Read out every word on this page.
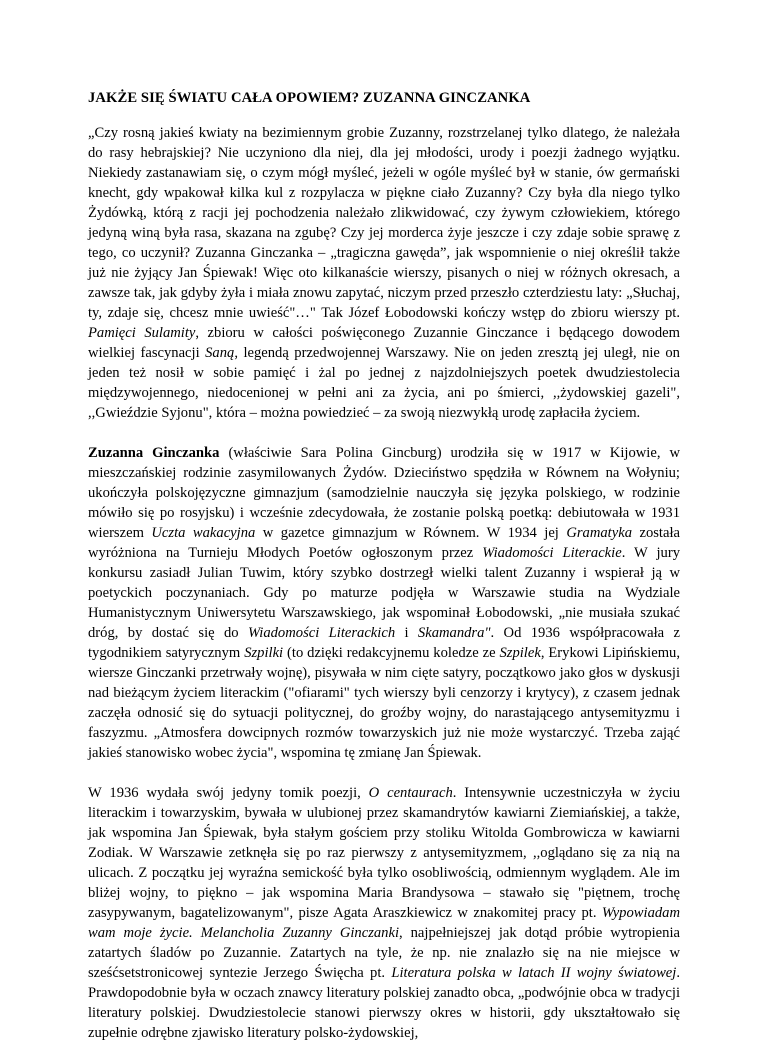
JAKŻE SIĘ ŚWIATU CAŁA OPOWIEM? ZUZANNA GINCZANKA

„Czy rosną jakieś kwiaty na bezimiennym grobie Zuzanny, rozstrzelanej tylko dlatego, że należała do rasy hebrajskiej? Nie uczyniono dla niej, dla jej młodości, urody i poezji żadnego wyjątku. Niekiedy zastanawiam się, o czym mógł myśleć, jeżeli w ogóle myśleć był w stanie, ów germański knecht, gdy wpakował kilka kul z rozpylacza w piękne ciało Zuzanny? Czy była dla niego tylko Żydówką, którą z racji jej pochodzenia należało zlikwidować, czy żywym człowiekiem, którego jedyną winą była rasa, skazana na zgubę? Czy jej morderca żyje jeszcze i czy zdaje sobie sprawę z tego, co uczynił? Zuzanna Ginczanka – „tragiczna gawęda”, jak wspomnienie o niej określił także już nie żyjący Jan Śpiewak! Więc oto kilkanaście wierszy, pisanych o niej w różnych okresach, a zawsze tak, jak gdyby żyła i miała znowu zapytać, niczym przed przeszło czterdziestu laty: „Słuchaj, ty, zdaje się, chcesz mnie uwieść"…" Tak Józef Łobodowski kończy wstęp do zbioru wierszy pt. Pamięci Sulamity, zbioru w całości poświęconego Zuzannie Ginczance i będącego dowodem wielkiej fascynacji Saną, legendą przedwojennej Warszawy. Nie on jeden zresztą jej uległ, nie on jeden też nosił w sobie pamięć i żal po jednej z najzdolniejszych poetek dwudziestolecia międzywojennego, niedocenionej w pełni ani za życia, ani po śmierci, ,,żydowskiej gazeli", ,,Gwieździe Syjonu", która – można powiedzieć – za swoją niezwykłą urodę zapłaciła życiem.

Zuzanna Ginczanka (właściwie Sara Polina Gincburg) urodziła się w 1917 w Kijowie, w mieszczańskiej rodzinie zasymilowanych Żydów. Dzieciństwo spędziła w Równem na Wołyniu; ukończyła polskojęzyczne gimnazjum (samodzielnie nauczyła się języka polskiego, w rodzinie mówiło się po rosyjsku) i wcześnie zdecydowała, że zostanie polską poetką: debiutowała w 1931 wierszem Uczta wakacyjna w gazetce gimnazjum w Równem. W 1934 jej Gramatyka została wyróżniona na Turnieju Młodych Poetów ogłoszonym przez Wiadomości Literackie. W jury konkursu zasiadł Julian Tuwim, który szybko dostrzegł wielki talent Zuzanny i wspierał ją w poetyckich poczynaniach. Gdy po maturze podjęła w Warszawie studia na Wydziale Humanistycznym Uniwersytetu Warszawskiego, jak wspominał Łobodowski, „nie musiała szukać dróg, by dostać się do Wiadomości Literackich i Skamandra". Od 1936 współpracowała z tygodnikiem satyrycznym Szpilki (to dzięki redakcyjnemu koledze ze Szpilek, Erykowi Lipińskiemu, wiersze Ginczanki przetrwały wojnę), pisywała w nim cięte satyry, początkowo jako głos w dyskusji nad bieżącym życiem literackim ("ofiarami" tych wierszy byli cenzorzy i krytycy), z czasem jednak zaczęła odnosić się do sytuacji politycznej, do groźby wojny, do narastającego antysemityzmu i faszyzmu. „Atmosfera dowcipnych rozmów towarzyskich już nie może wystarczyć. Trzeba zająć jakieś stanowisko wobec życia", wspomina tę zmianę Jan Śpiewak.

W 1936 wydała swój jedyny tomik poezji, O centaurach. Intensywnie uczestniczyła w życiu literackim i towarzyskim, bywała w ulubionej przez skamandrytów kawiarni Ziemiańskiej, a także, jak wspomina Jan Śpiewak, była stałym gościem przy stoliku Witolda Gombrowicza w kawiarni Zodiak. W Warszawie zetknęła się po raz pierwszy z antysemityzmem, ,,oglądano się za nią na ulicach. Z początku jej wyraźna semickość była tylko osobliwością, odmiennym wyglądem. Ale im bliżej wojny, to piękno – jak wspomina Maria Brandysowa – stawało się "piętnem, trochę zasypywanym, bagatelizowanym", pisze Agata Araszkiewicz w znakomitej pracy pt. Wypowiadam wam moje życie. Melancholia Zuzanny Ginczanki, najpełniejszej jak dotąd próbie wytropienia zatartych śladów po Zuzannie. Zatartych na tyle, że np. nie znalazło się na nie miejsce w sześćsetstronicowej syntezie Jerzego Święcha pt. Literatura polska w latach II wojny światowej. Prawdopodobnie była w oczach znawcy literatury polskiej zanadto obca, „podwójnie obca w tradycji literatury polskiej. Dwudziestolecie stanowi pierwszy okres w historii, gdy ukształtowało się zupełnie odrębne zjawisko literatury polsko-żydowskiej,
